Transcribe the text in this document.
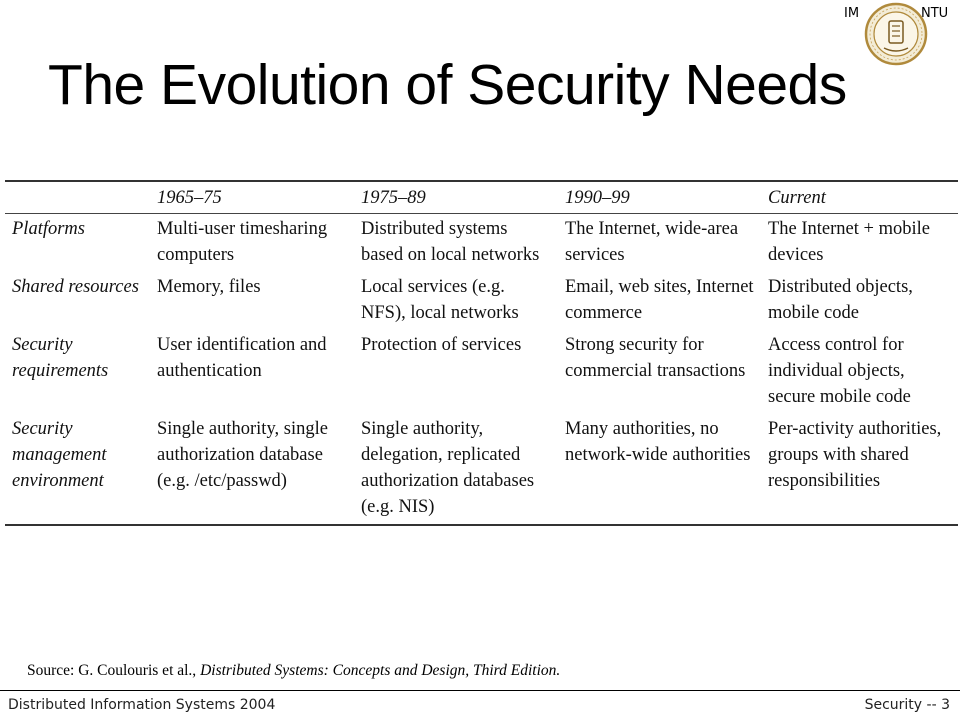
IM	NTU
The Evolution of Security Needs
	1965–75	1975–89	1990–99	Current
Platforms	Multi-user timesharing computers	Distributed systems based on local networks	The Internet, wide-area services	The Internet + mobile devices
Shared resources	Memory, files	Local services (e.g. NFS), local networks	Email, web sites, Internet commerce	Distributed objects, mobile code
Security requirements	User identification and authentication	Protection of services	Strong security for commercial transactions	Access control for individual objects, secure mobile code
Security management environment	Single authority, single authorization database (e.g. /etc/passwd)	Single authority, delegation, replicated authorization databases (e.g. NIS)	Many authorities, no network-wide authorities	Per-activity authorities, groups with shared responsibilities
Source: G. Coulouris et al., Distributed Systems: Concepts and Design, Third Edition.
Distributed Information Systems 2004	Security -- 3
